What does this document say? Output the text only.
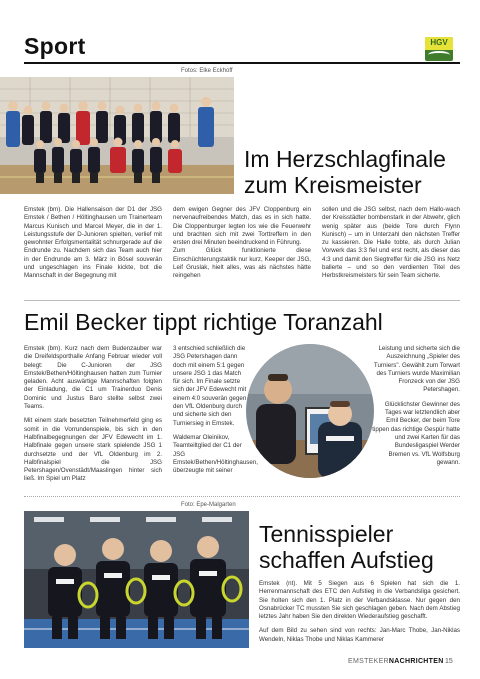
Sport	HGV
Fotos: Elke Eckhoff
Im Herzschlagfinale
zum Kreismeister
Emstek (bm). Die Hallensaison der D1 der JSG Emstek / Bethen / Höltinghausen um Trainerteam Marcus Kunisch und Marcel Meyer, die in der 1. Leistungsstufe der D-Junioren spielten, verlief mit gewohnter Erfolgsmentalität schnurgerade auf die Endrunde zu. Nachdem sich das Team auch hier in der Endrunde am 3. März in Bösel souverän und ungeschlagen ins Finale kickte, bot die Mannschaft in der Begegnung mit
dem ewigen Gegner des JFV Cloppenburg ein nervenaufreibendes Match, das es in sich hatte. Die Cloppenburger legten los wie die Feuerwehr und brachten sich mit zwei Torttreffern in den ersten drei Minuten beeindruckend in Führung.
Zum Glück funktionierte diese Einschüchterungstaktik nur kurz, Keeper der JSG, Leif Gruslak, hielt alles, was als nächstes hätte reingehen
sollen und die JSG selbst, nach dem Hallo-wach der Kreisstädter bombenstark in der Abwehr, glich wenig später aus (beide Tore durch Flynn Kunisch) – um in Unterzahl den nächsten Treffer zu kassieren. Die Halle tobte, als durch Julian Vorwerk das 3:3 fiel und erst recht, als dieser das 4:3 und damit den Siegtreffer für die JSG ins Netz ballerte – und so den verdienten Titel des Herbstkreismeisters für sein Team sicherte.
Emil Becker tippt richtige Toranzahl

Emstek (bm). Kurz nach dem Budenzauber war die Dreifeldsporthalle Anfang Februar wieder voll belegt: Die C-Junioren der JSG Emstek/Bethen/Höltinghausen hatten zum Turnier geladen. Acht auswärtige Mannschaften folgten der Einladung, die C1 um Trainerduo Denis Dominic und Justus Baro stellte selbst zwei Teams.

Mit einem stark besetzten Teilnehmerfeld ging es somit in die Vorrundenspiele, bis sich in den Halbfinalbegegnungen der JFV Edewecht im 1. Halbfinale gegen unsere stark spielende JSG 1 durchsetzte und der VfL Oldenburg im 2. Halbfinalspiel die JSG Petershagen/Ovenstädt/Maaslingen hinter sich ließ. Im Spiel um Platz

3 entschied schließlich die JSG Petershagen dann doch mit einem 5:1 gegen unsere JSG 1 das Match für sich. Im Finale setzte sich der JFV Edewecht mit einem 4:0 souverän gegen den VfL Oldenburg durch und sicherte sich den Turniersieg in Emstek.

Waldemar Oleinikov, Teamteiltglied der C1 der JSG Emstek/Bethen/Höltinghausen, überzeugte mit seiner

Leistung und sicherte sich die Auszeichnung „Spieler des Turniers". Gewählt zum Torwart des Turniers wurde Maximilian Fronzeck von der JSG Petershagen.

Glücklichster Gewinner des Tages war letztendlich aber Emil Becker, der beim Tore tippen das richtige Gespür hatte und zwei Karten für das Bundesligaspiel Werder Bremen vs. VfL Wolfsburg gewann.

Foto: Epe-Malgarten
Tennisspieler
schaffen Aufstieg

Emstek (nt). Mit 5 Siegen aus 6 Spielen hat sich die 1. Herrenmannschaft des ETC den Aufstieg in die Verbandsliga gesichert. Sie holten sich den 1. Platz in der Verbandsklasse. Nur gegen den Osnabrücker TC mussten Sie sich geschlagen geben. Nach dem Abstieg letztes Jahr haben Sie den direkten Wiederaufstieg geschafft.

Auf dem Bild zu sehen sind von rechts: Jan-Marc Thobe, Jan-Niklas Wendeln, Niklas Thobe und Niklas Kammerer

EMSTEKERNACHRICHTEN 15
